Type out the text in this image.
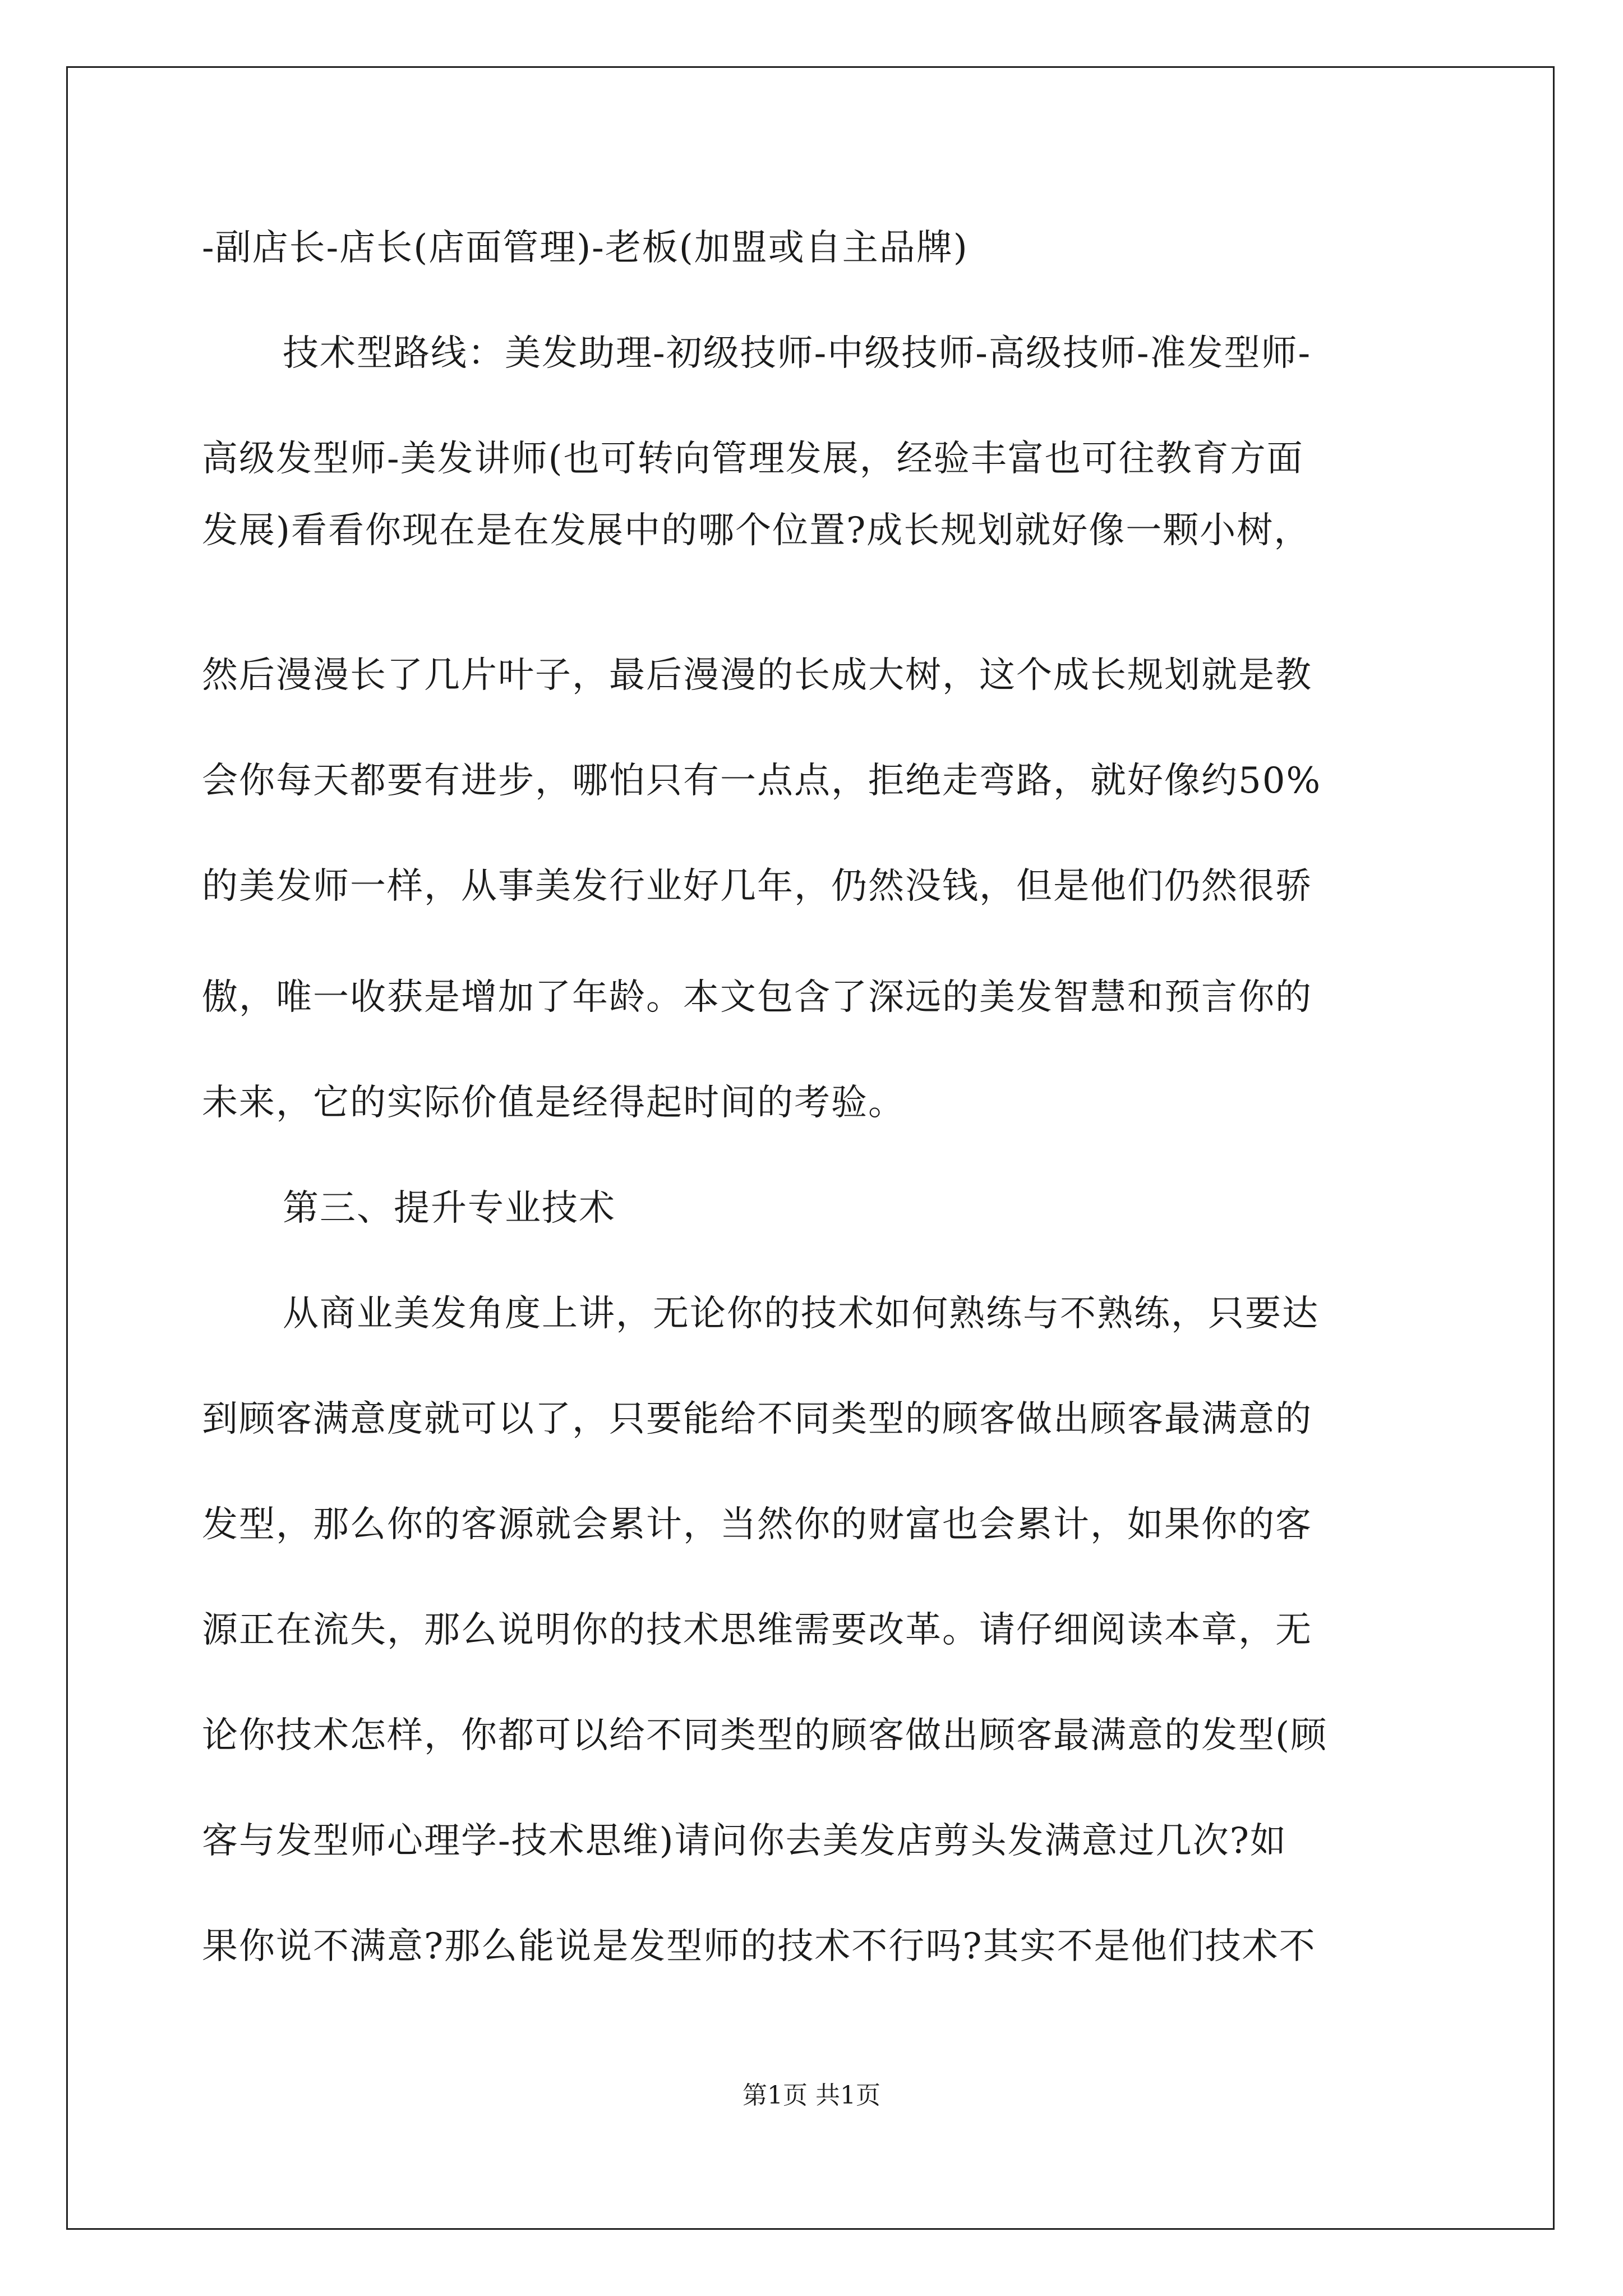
-副店长-店长(店面管理)-老板(加盟或自主品牌)
技术型路线：美发助理-初级技师-中级技师-高级技师-准发型师-
高级发型师-美发讲师(也可转向管理发展，经验丰富也可往教育方面
发展)看看你现在是在发展中的哪个位置?成长规划就好像一颗小树，
然后漫漫长了几片叶子，最后漫漫的长成大树，这个成长规划就是教
会你每天都要有进步，哪怕只有一点点，拒绝走弯路，就好像约50%
的美发师一样，从事美发行业好几年，仍然没钱，但是他们仍然很骄
傲，唯一收获是增加了年龄。本文包含了深远的美发智慧和预言你的
未来，它的实际价值是经得起时间的考验。
第三、提升专业技术
从商业美发角度上讲，无论你的技术如何熟练与不熟练，只要达
到顾客满意度就可以了，只要能给不同类型的顾客做出顾客最满意的
发型，那么你的客源就会累计，当然你的财富也会累计，如果你的客
源正在流失，那么说明你的技术思维需要改革。请仔细阅读本章，无
论你技术怎样，你都可以给不同类型的顾客做出顾客最满意的发型(顾
客与发型师心理学-技术思维)请问你去美发店剪头发满意过几次?如
果你说不满意?那么能说是发型师的技术不行吗?其实不是他们技术不
第1页 共1页
